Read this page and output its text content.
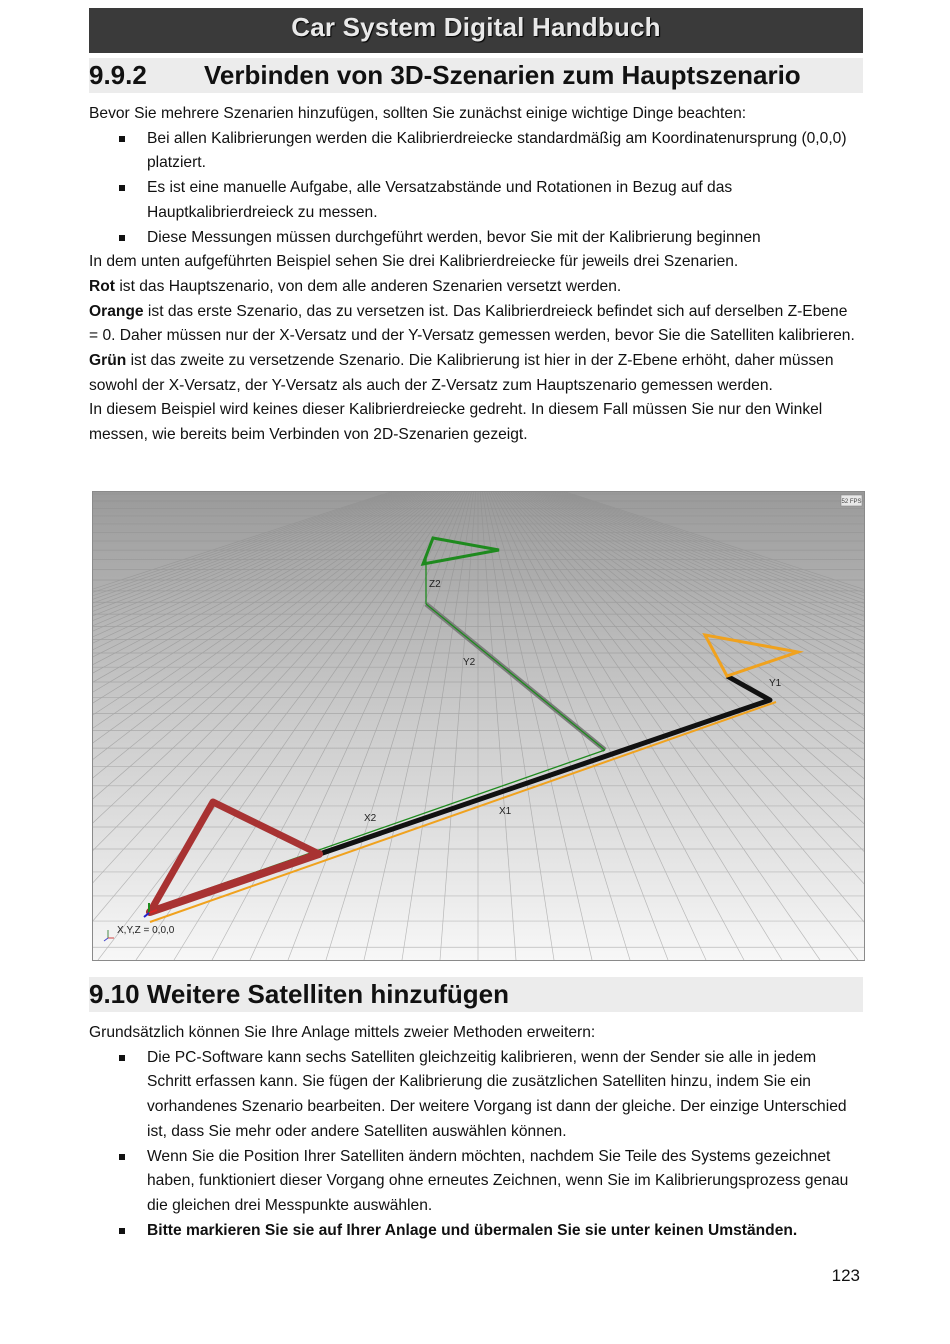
Car System Digital Handbuch
9.9.2 Verbinden von 3D-Szenarien zum Hauptszenario

Bevor Sie mehrere Szenarien hinzufügen, sollten Sie zunächst einige wichtige Dinge beachten:

Bei allen Kalibrierungen werden die Kalibrierdreiecke standardmäßig am Koordinatenursprung (0,0,0) platziert.
Es ist eine manuelle Aufgabe, alle Versatzabstände und Rotationen in Bezug auf das Hauptkalibrierdreieck zu messen.
Diese Messungen müssen durchgeführt werden, bevor Sie mit der Kalibrierung beginnen

In dem unten aufgeführten Beispiel sehen Sie drei Kalibrierdreiecke für jeweils drei Szenarien.

Rot ist das Hauptszenario, von dem alle anderen Szenarien versetzt werden.

Orange ist das erste Szenario, das zu versetzen ist. Das Kalibrierdreieck befindet sich auf derselben Z-Ebene = 0. Daher müssen nur der X-Versatz und der Y-Versatz gemessen werden, bevor Sie die Satelliten kalibrieren.

Grün ist das zweite zu versetzende Szenario. Die Kalibrierung ist hier in der Z-Ebene erhöht, daher müssen sowohl der X-Versatz, der Y-Versatz als auch der Z-Versatz zum Hauptszenario gemessen werden.

In diesem Beispiel wird keines dieser Kalibrierdreiecke gedreht. In diesem Fall müssen Sie nur den Winkel messen, wie bereits beim Verbinden von 2D-Szenarien gezeigt.

52 FPS
Z2
Y2
Y1
X1
X2
X,Y,Z = 0,0,0
9.10 Weitere Satelliten hinzufügen

Grundsätzlich können Sie Ihre Anlage mittels zweier Methoden erweitern:

Die PC-Software kann sechs Satelliten gleichzeitig kalibrieren, wenn der Sender sie alle in jedem Schritt erfassen kann. Sie fügen der Kalibrierung die zusätzlichen Satelliten hinzu, indem Sie ein vorhandenes Szenario bearbeiten. Der weitere Vorgang ist dann der gleiche. Der einzige Unterschied ist, dass Sie mehr oder andere Satelliten auswählen können.
Wenn Sie die Position Ihrer Satelliten ändern möchten, nachdem Sie Teile des Systems gezeichnet haben, funktioniert dieser Vorgang ohne erneutes Zeichnen, wenn Sie im Kalibrierungsprozess genau die gleichen drei Messpunkte auswählen.
Bitte markieren Sie sie auf Ihrer Anlage und übermalen Sie sie unter keinen Umständen.
123
